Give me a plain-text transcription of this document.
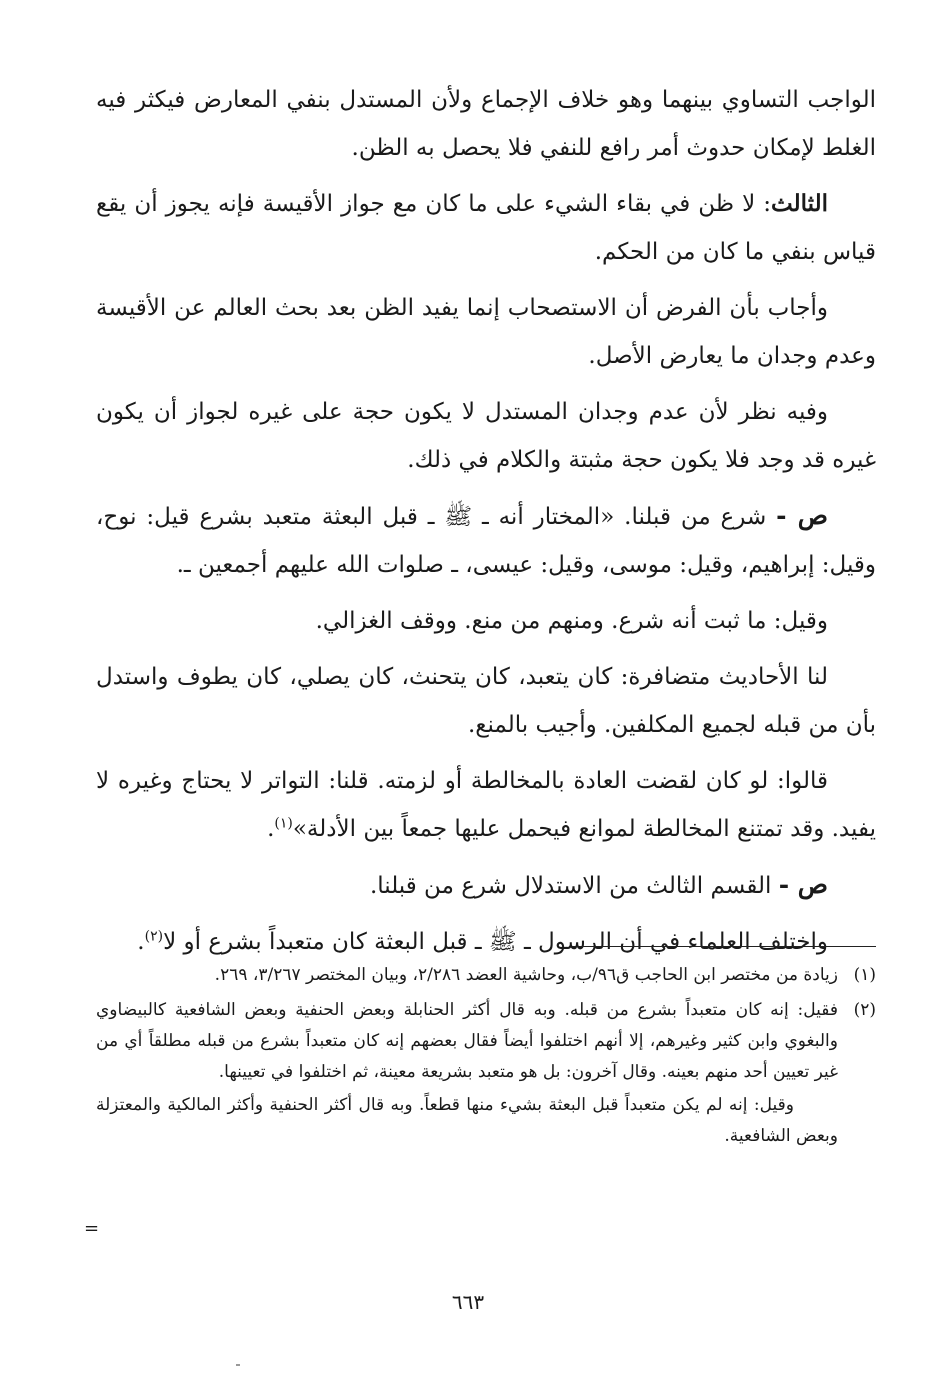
الواجب التساوي بينهما وهو خلاف الإجماع ولأن المستدل بنفي المعارض فيكثر فيه الغلط لإمكان حدوث أمر رافع للنفي فلا يحصل به الظن.

الثالث: لا ظن في بقاء الشيء على ما كان مع جواز الأقيسة فإنه يجوز أن يقع قياس بنفي ما كان من الحكم.

وأجاب بأن الفرض أن الاستصحاب إنما يفيد الظن بعد بحث العالم عن الأقيسة وعدم وجدان ما يعارض الأصل.

وفيه نظر لأن عدم وجدان المستدل لا يكون حجة على غيره لجواز أن يكون غيره قد وجد فلا يكون حجة مثبتة والكلام في ذلك.

ص - شرع من قبلنا. «المختار أنه ـ ﷺ ـ قبل البعثة متعبد بشرع قيل: نوح، وقيل: إبراهيم، وقيل: موسى، وقيل: عيسى، ـ صلوات الله عليهم أجمعين ـ.

وقيل: ما ثبت أنه شرع. ومنهم من منع. ووقف الغزالي.

لنا الأحاديث متضافرة: كان يتعبد، كان يتحنث، كان يصلي، كان يطوف واستدل بأن من قبله لجميع المكلفين. وأجيب بالمنع.

قالوا: لو كان لقضت العادة بالمخالطة أو لزمته. قلنا: التواتر لا يحتاج وغيره لا يفيد. وقد تمتنع المخالطة لموانع فيحمل عليها جمعاً بين الأدلة»$^{(١)}$.

ص - القسم الثالث من الاستدلال شرع من قبلنا.

واختلف العلماء في أن الرسول ـ ﷺ ـ قبل البعثة كان متعبداً بشرع أو لا$^{(٢)}$.

(١)
زيادة من مختصر ابن الحاجب ق٩٦/ب، وحاشية العضد ٢/٢٨٦، وبيان المختصر ٣/٢٦٧، ٢٦٩.
(٢)
فقيل: إنه كان متعبداً بشرع من قبله. وبه قال أكثر الحنابلة وبعض الحنفية وبعض الشافعية كالبيضاوي والبغوي وابن كثير وغيرهم، إلا أنهم اختلفوا أيضاً فقال بعضهم إنه كان متعبداً بشرع من قبله مطلقاً أي من غير تعيين أحد منهم بعينه. وقال آخرون: بل هو متعبد بشريعة معينة، ثم اختلفوا في تعيينها.
وقيل: إنه لم يكن متعبداً قبل البعثة بشيء منها قطعاً. وبه قال أكثر الحنفية وأكثر المالكية والمعتزلة وبعض الشافعية.
=
٦٦٣
